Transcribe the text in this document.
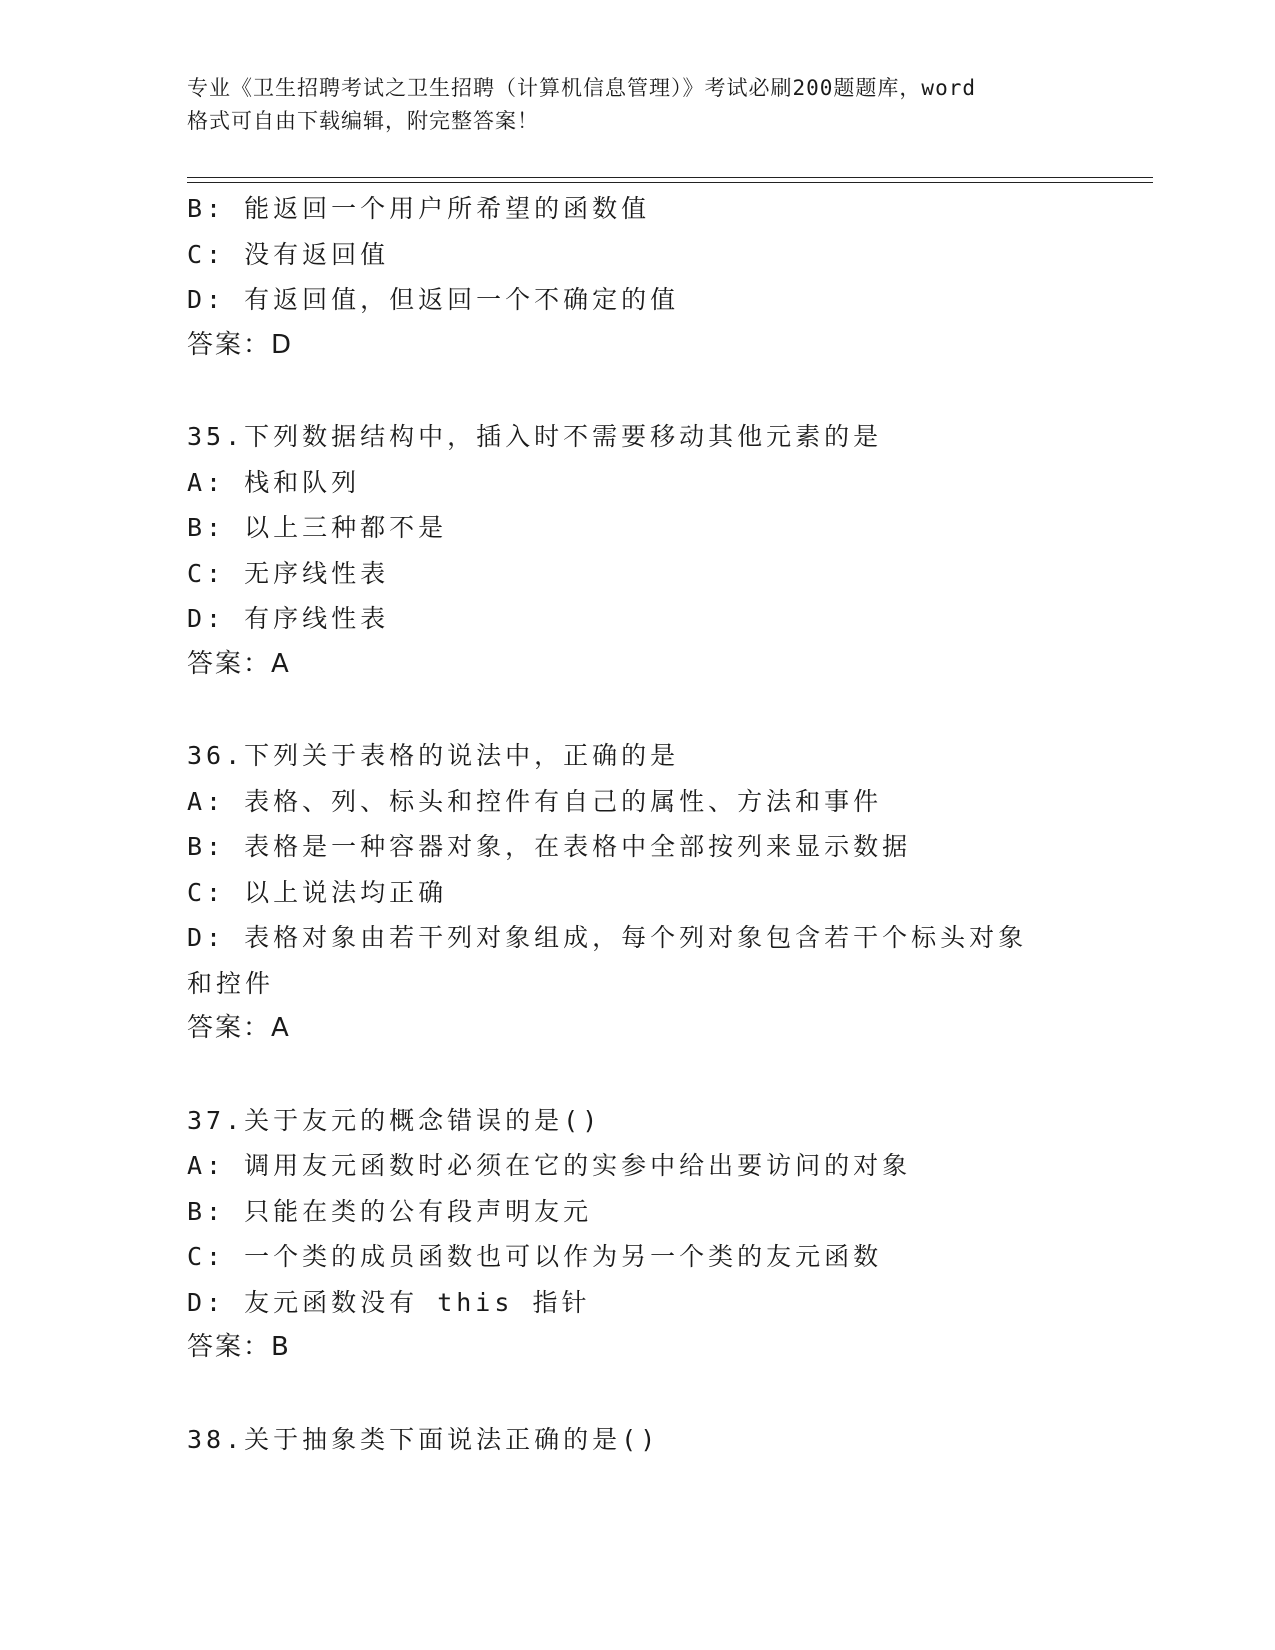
专业《卫生招聘考试之卫生招聘（计算机信息管理）》考试必刷200题题库，word
格式可自由下载编辑，附完整答案！
B: 能返回一个用户所希望的函数值
C: 没有返回值
D: 有返回值，但返回一个不确定的值
答案：D
35.下列数据结构中，插入时不需要移动其他元素的是
A: 栈和队列
B: 以上三种都不是
C: 无序线性表
D: 有序线性表
答案：A
36.下列关于表格的说法中，正确的是
A: 表格、列、标头和控件有自己的属性、方法和事件
B: 表格是一种容器对象，在表格中全部按列来显示数据
C: 以上说法均正确
D: 表格对象由若干列对象组成，每个列对象包含若干个标头对象和控件
答案：A
37.关于友元的概念错误的是()
A: 调用友元函数时必须在它的实参中给出要访问的对象
B: 只能在类的公有段声明友元
C: 一个类的成员函数也可以作为另一个类的友元函数
D: 友元函数没有 this 指针
答案：B
38.关于抽象类下面说法正确的是()
